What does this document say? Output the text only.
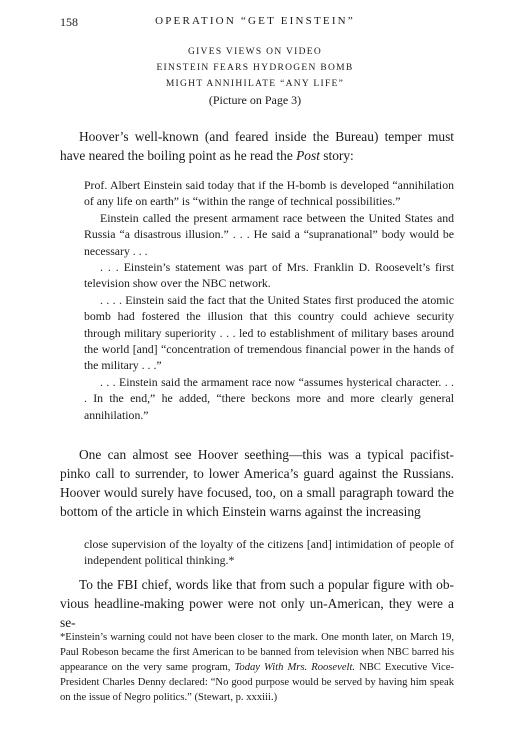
158	OPERATION “GET EINSTEIN”
GIVES VIEWS ON VIDEO
EINSTEIN FEARS HYDROGEN BOMB
MIGHT ANNIHILATE “ANY LIFE”
(Picture on Page 3)

Hoover’s well-known (and feared inside the Bureau) temper must have neared the boiling point as he read the Post story:

Prof. Albert Einstein said today that if the H-bomb is developed “annihilation of any life on earth” is “within the range of technical possibilities.”

Einstein called the present armament race between the United States and Russia “a disastrous illusion.” . . . He said a “supranational” body would be necessary . . .

. . . Einstein’s statement was part of Mrs. Franklin D. Roosevelt’s first television show over the NBC network.

. . . . Einstein said the fact that the United States first produced the atomic bomb had fostered the illusion that this country could achieve security through military superiority . . . led to establishment of military bases around the world [and] “concentration of tremendous financial power in the hands of the military . . .”

. . . Einstein said the armament race now “assumes hysterical character. . . . In the end,” he added, “there beckons more and more clearly general annihilation.”

One can almost see Hoover seething—this was a typical pacifist-pinko call to surrender, to lower America’s guard against the Russians. Hoover would surely have focused, too, on a small paragraph toward the bottom of the article in which Einstein warns against the increasing

close supervision of the loyalty of the citizens [and] intimidation of people of independent political thinking.*

To the FBI chief, words like that from such a popular figure with obvious headline-making power were not only un-American, they were a se-

*Einstein’s warning could not have been closer to the mark. One month later, on March 19, Paul Robeson became the first American to be banned from television when NBC barred his appearance on the very same program, Today With Mrs. Roosevelt. NBC Executive Vice-President Charles Denny declared: “No good purpose would be served by having him speak on the issue of Negro politics.” (Stewart, p. xxxiii.)
